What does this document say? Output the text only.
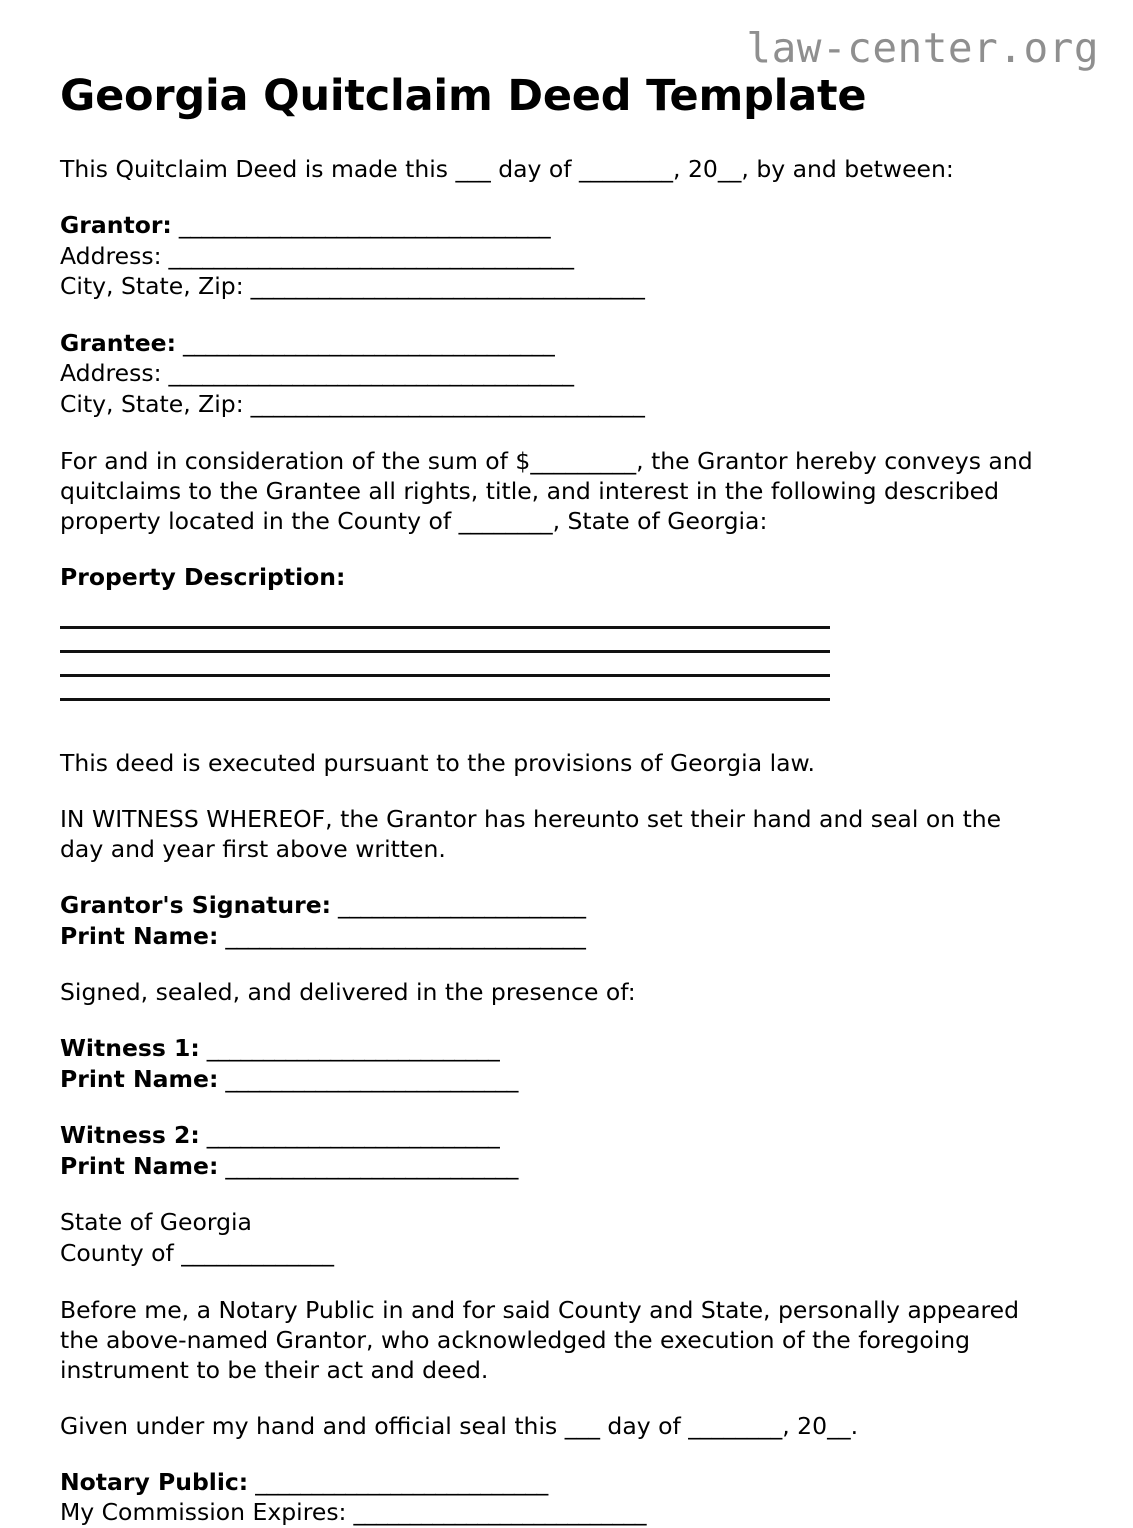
law-center.org
Georgia Quitclaim Deed Template

This Quitclaim Deed is made this ___ day of ________, 20__, by and between:

Grantor: _________________________________
Address: ____________________________________
City, State, Zip: ___________________________________
Grantee: _________________________________
Address: ____________________________________
City, State, Zip: ___________________________________

For and in consideration of the sum of $_________, the Grantor hereby conveys and quitclaims to the Grantee all rights, title, and interest in the following described property located in the County of ________, State of Georgia:

Property Description:

This deed is executed pursuant to the provisions of Georgia law.

IN WITNESS WHEREOF, the Grantor has hereunto set their hand and seal on the day and year first above written.

Grantor's Signature: ______________________
Print Name: ________________________________

Signed, sealed, and delivered in the presence of:

Witness 1: __________________________
Print Name: __________________________
Witness 2: __________________________
Print Name: __________________________
State of Georgia
County of _____________

Before me, a Notary Public in and for said County and State, personally appeared the above-named Grantor, who acknowledged the execution of the foregoing instrument to be their act and deed.

Given under my hand and official seal this ___ day of ________, 20__.

Notary Public: __________________________
My Commission Expires: __________________________
